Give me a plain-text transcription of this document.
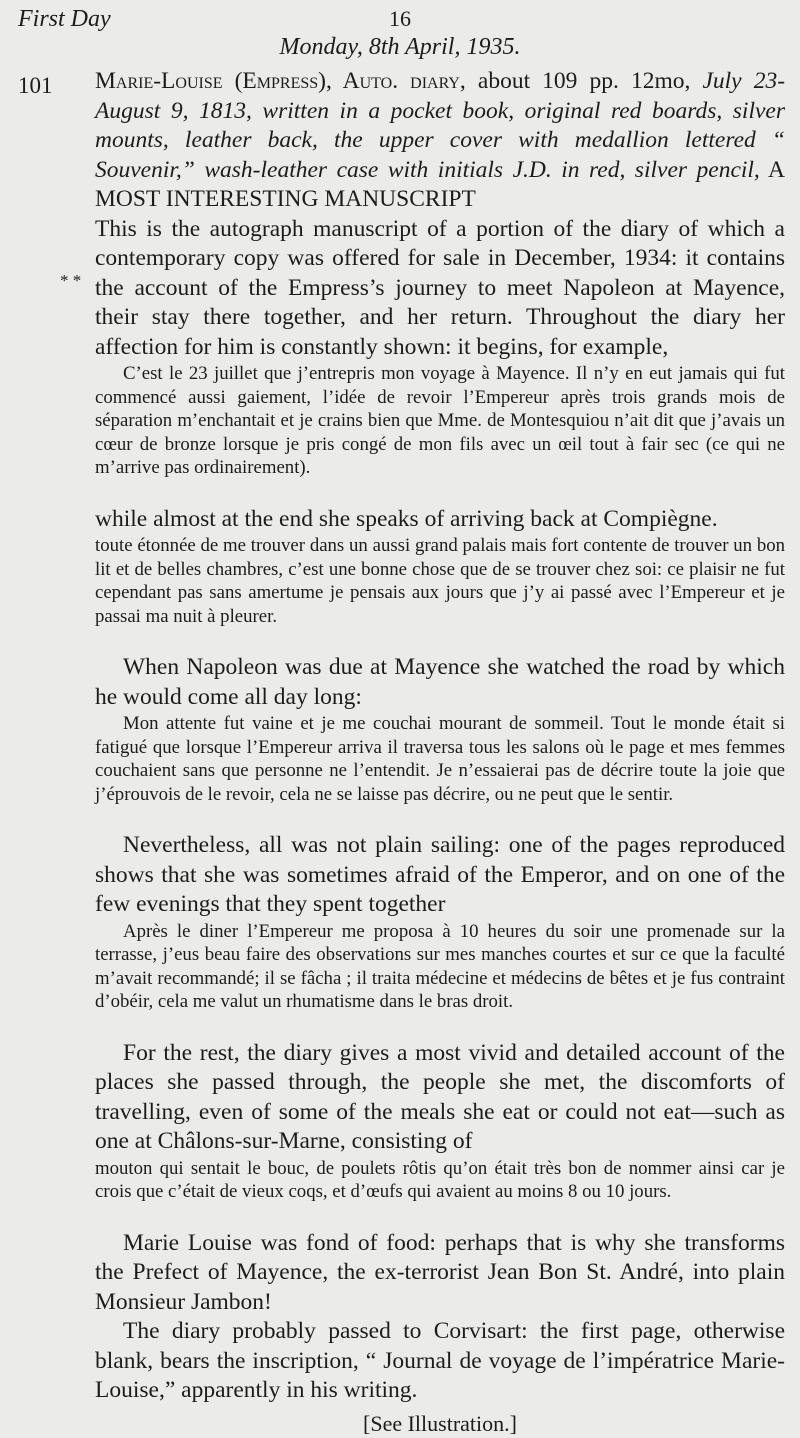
First Day	16
Monday, 8th April, 1935.
101
* *

Marie-Louise (Empress), Auto. diary, about 109 pp. 12mo, July 23-August 9, 1813, written in a pocket book, original red boards, silver mounts, leather back, the upper cover with medallion lettered “ Souvenir,” wash-leather case with initials J.D. in red, silver pencil, A MOST INTERESTING MANUSCRIPT

This is the autograph manuscript of a portion of the diary of which a contemporary copy was offered for sale in December, 1934: it contains the account of the Empress’s journey to meet Napoleon at Mayence, their stay there together, and her return. Throughout the diary her affection for him is constantly shown: it begins, for example,

C’est le 23 juillet que j’entrepris mon voyage à Mayence. Il n’y en eut jamais qui fut commencé aussi gaiement, l’idée de revoir l’Empereur après trois grands mois de séparation m’enchantait et je crains bien que Mme. de Montesquiou n’ait dit que j’avais un cœur de bronze lorsque je pris congé de mon fils avec un œil tout à fair sec (ce qui ne m’arrive pas ordinairement).

while almost at the end she speaks of arriving back at Compiègne.

toute étonnée de me trouver dans un aussi grand palais mais fort contente de trouver un bon lit et de belles chambres, c’est une bonne chose que de se trouver chez soi: ce plaisir ne fut cependant pas sans amertume je pensais aux jours que j’y ai passé avec l’Empereur et je passai ma nuit à pleurer.

When Napoleon was due at Mayence she watched the road by which he would come all day long:

Mon attente fut vaine et je me couchai mourant de sommeil. Tout le monde était si fatigué que lorsque l’Empereur arriva il traversa tous les salons où le page et mes femmes couchaient sans que personne ne l’entendit. Je n’essaierai pas de décrire toute la joie que j’éprouvois de le revoir, cela ne se laisse pas décrire, ou ne peut que le sentir.

Nevertheless, all was not plain sailing: one of the pages reproduced shows that she was sometimes afraid of the Emperor, and on one of the few evenings that they spent together

Après le diner l’Empereur me proposa à 10 heures du soir une promenade sur la terrasse, j’eus beau faire des observations sur mes manches courtes et sur ce que la faculté m’avait recommandé; il se fâcha ; il traita médecine et médecins de bêtes et je fus contraint d’obéir, cela me valut un rhumatisme dans le bras droit.

For the rest, the diary gives a most vivid and detailed account of the places she passed through, the people she met, the discomforts of travelling, even of some of the meals she eat or could not eat—such as one at Châlons-sur-Marne, consisting of

mouton qui sentait le bouc, de poulets rôtis qu’on était très bon de nommer ainsi car je crois que c’était de vieux coqs, et d’œufs qui avaient au moins 8 ou 10 jours.

Marie Louise was fond of food: perhaps that is why she transforms the Prefect of Mayence, the ex-terrorist Jean Bon St. André, into plain Monsieur Jambon!

The diary probably passed to Corvisart: the first page, otherwise blank, bears the inscription, “ Journal de voyage de l’impératrice Marie-Louise,” apparently in his writing.

[See Illustration.]
